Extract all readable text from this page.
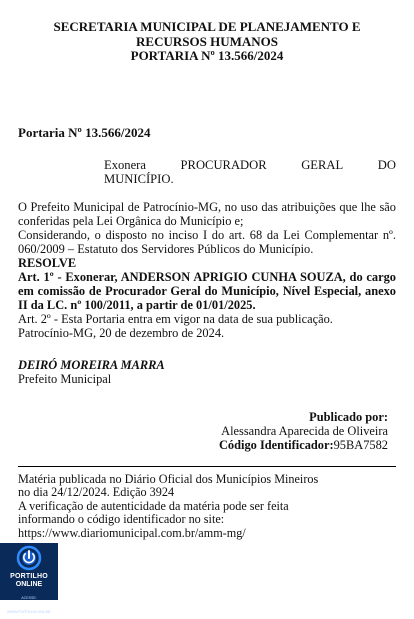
SECRETARIA MUNICIPAL DE PLANEJAMENTO E
RECURSOS HUMANOS
PORTARIA Nº 13.566/2024
Portaria Nº 13.566/2024
Exonera	PROCURADOR	GERAL	DO
MUNICÍPIO.

O Prefeito Municipal de Patrocínio-MG, no uso das atribuições que lhe são conferidas pela Lei Orgânica do Município e;

Considerando, o disposto no inciso I do art. 68 da Lei Complementar nº. 060/2009 – Estatuto dos Servidores Públicos do Município.

RESOLVE

Art. 1º - Exonerar, ANDERSON APRIGIO CUNHA SOUZA, do cargo em comissão de Procurador Geral do Município, Nível Especial, anexo II da LC. nº 100/2011, a partir de 01/01/2025.

Art. 2º - Esta Portaria entra em vigor na data de sua publicação.

Patrocínio-MG, 20 de dezembro de 2024.

DEIRÓ MOREIRA MARRA
Prefeito Municipal
Publicado por:
Alessandra Aparecida de Oliveira
Código Identificador:95BA7582
Matéria publicada no Diário Oficial dos Municípios Mineiros
no dia 24/12/2024. Edição 3924
A verificação de autenticidade da matéria pode ser feita
informando o código identificador no site:
https://www.diariomunicipal.com.br/amm-mg/
PORTILHO
ONLINE
ACESSE: WWW.PORTILHO.ONLINE
